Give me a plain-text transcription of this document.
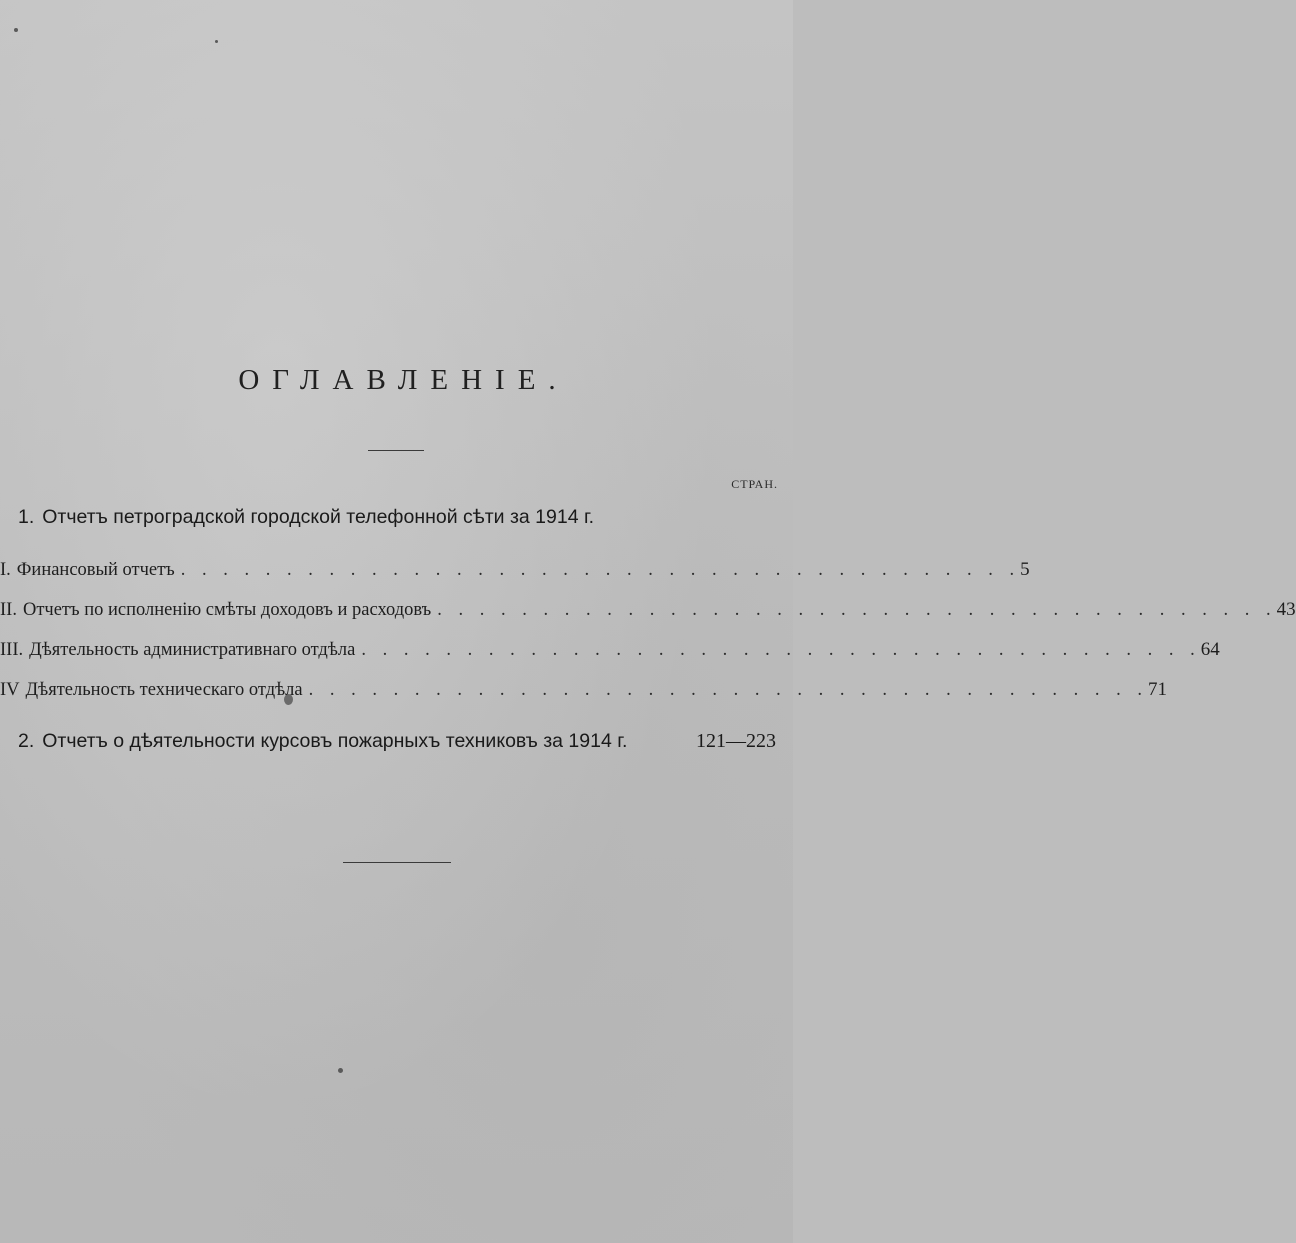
ОГЛАВЛЕНІЕ.
СТРАН.
1. Отчетъ петроградской городской телефонной сѣти за 1914 г.
I. Финансовый отчетъ . . . . . . . . . . . . . . . . . . . . . . . . . . . . . . . . . . . . . . . . 5
II. Отчетъ по исполненію смѣты доходовъ и расходовъ . . . . . . . . . . . . . . . . . . . . . . . . . . . . . . . . . . . . . . . . 43
III. Дѣятельность административнаго отдѣла . . . . . . . . . . . . . . . . . . . . . . . . . . . . . . . . . . . . . . . . 64
IV Дѣятельность техническаго отдѣла . . . . . . . . . . . . . . . . . . . . . . . . . . . . . . . . . . . . . . . . 71
2. Отчетъ о дѣятельности курсовъ пожарныхъ техниковъ за 1914 г.	121—223
